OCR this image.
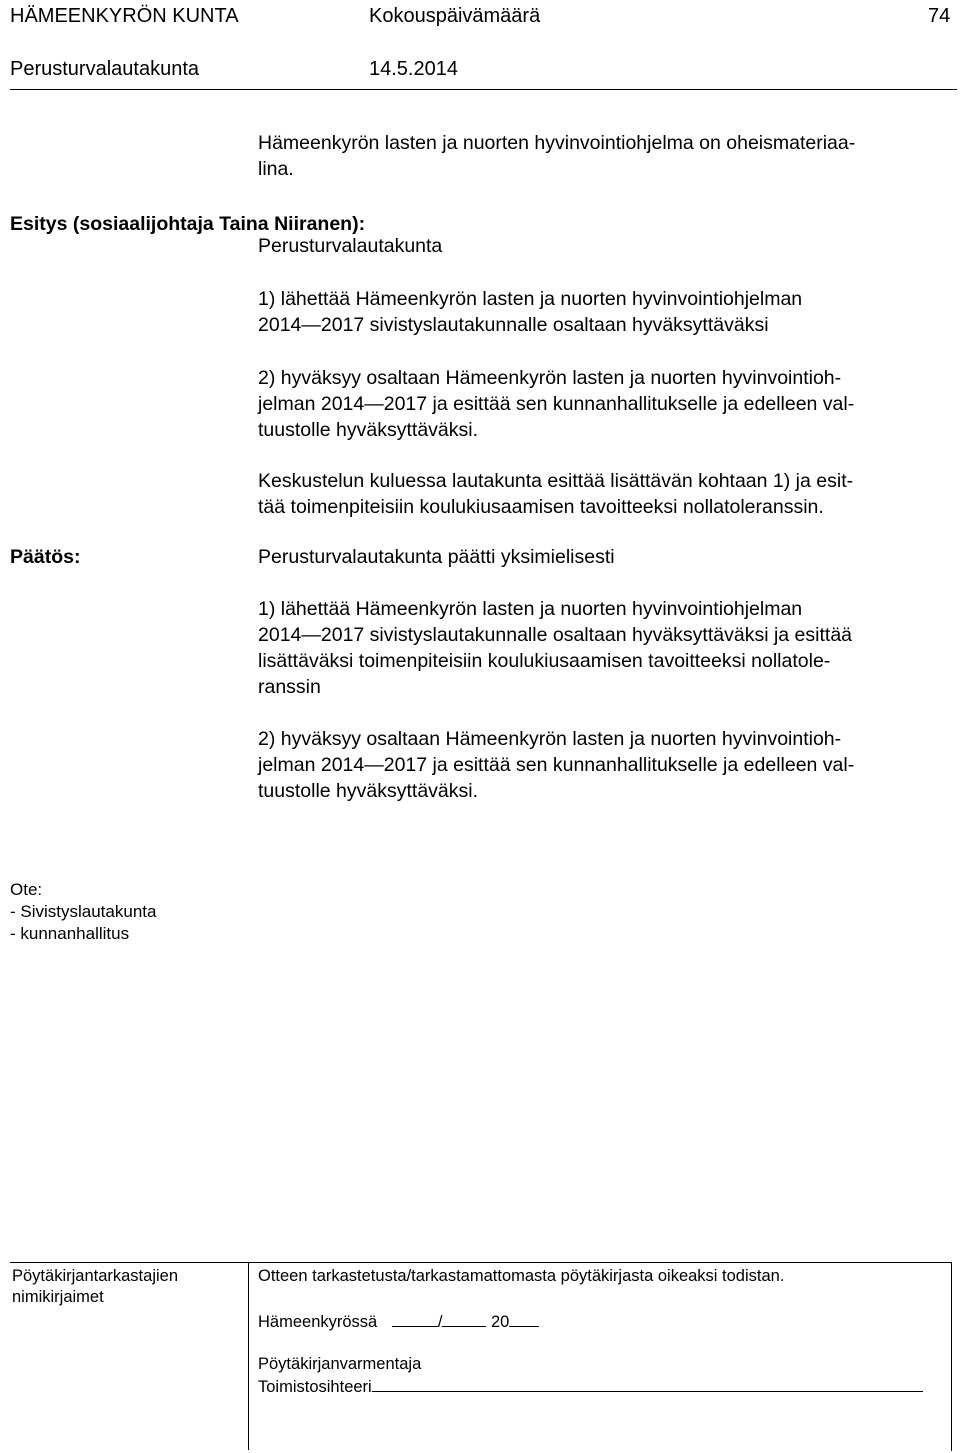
HÄMEENKYRÖN KUNTA	Kokouspäivämäärä	74
Perusturvalautakunta	14.5.2014
Hämeenkyrön lasten ja nuorten hyvinvointiohjelma on oheismateriaa-
lina.
Esitys (sosiaalijohtaja Taina Niiranen):
Perusturvalautakunta
1) lähettää Hämeenkyrön lasten ja nuorten hyvinvointiohjelman
2014—2017 sivistyslautakunnalle osaltaan hyväksyttäväksi
2) hyväksyy osaltaan Hämeenkyrön lasten ja nuorten hyvinvointioh-
jelman 2014—2017 ja esittää sen kunnanhallitukselle ja edelleen val-
tuustolle hyväksyttäväksi.
Keskustelun kuluessa lautakunta esittää lisättävän kohtaan 1) ja esit-
tää toimenpiteisiin koulukiusaamisen tavoitteeksi nollatoleranssin.
Päätös:	Perusturvalautakunta päätti yksimielisesti
1) lähettää Hämeenkyrön lasten ja nuorten hyvinvointiohjelman
2014—2017 sivistyslautakunnalle osaltaan hyväksyttäväksi ja esittää
lisättäväksi toimenpiteisiin koulukiusaamisen tavoitteeksi nollatole-
ranssin
2) hyväksyy osaltaan Hämeenkyrön lasten ja nuorten hyvinvointioh-
jelman 2014—2017 ja esittää sen kunnanhallitukselle ja edelleen val-
tuustolle hyväksyttäväksi.
Ote:
- Sivistyslautakunta
- kunnanhallitus
Pöytäkirjantarkastajien
nimikirjaimet
Otteen tarkastetusta/tarkastamattomasta pöytäkirjasta oikeaksi todistan.
Hämeenkyrössä	/	20
Pöytäkirjanvarmentaja
Toimistosihteeri
